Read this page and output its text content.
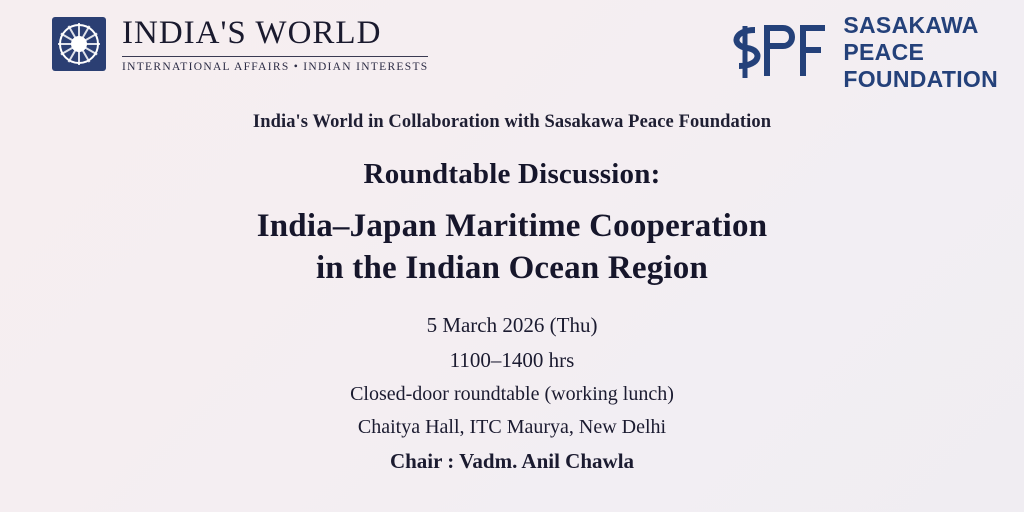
INDIA'S WORLD
INTERNATIONAL AFFAIRS • INDIAN INTERESTS
SASAKAWA
PEACE
FOUNDATION
India's World in Collaboration with Sasakawa Peace Foundation
Roundtable Discussion:
India–Japan Maritime Cooperation
in the Indian Ocean Region
5 March 2026 (Thu)
1100–1400 hrs
Closed-door roundtable (working lunch)
Chaitya Hall, ITC Maurya, New Delhi
Chair : Vadm. Anil Chawla
